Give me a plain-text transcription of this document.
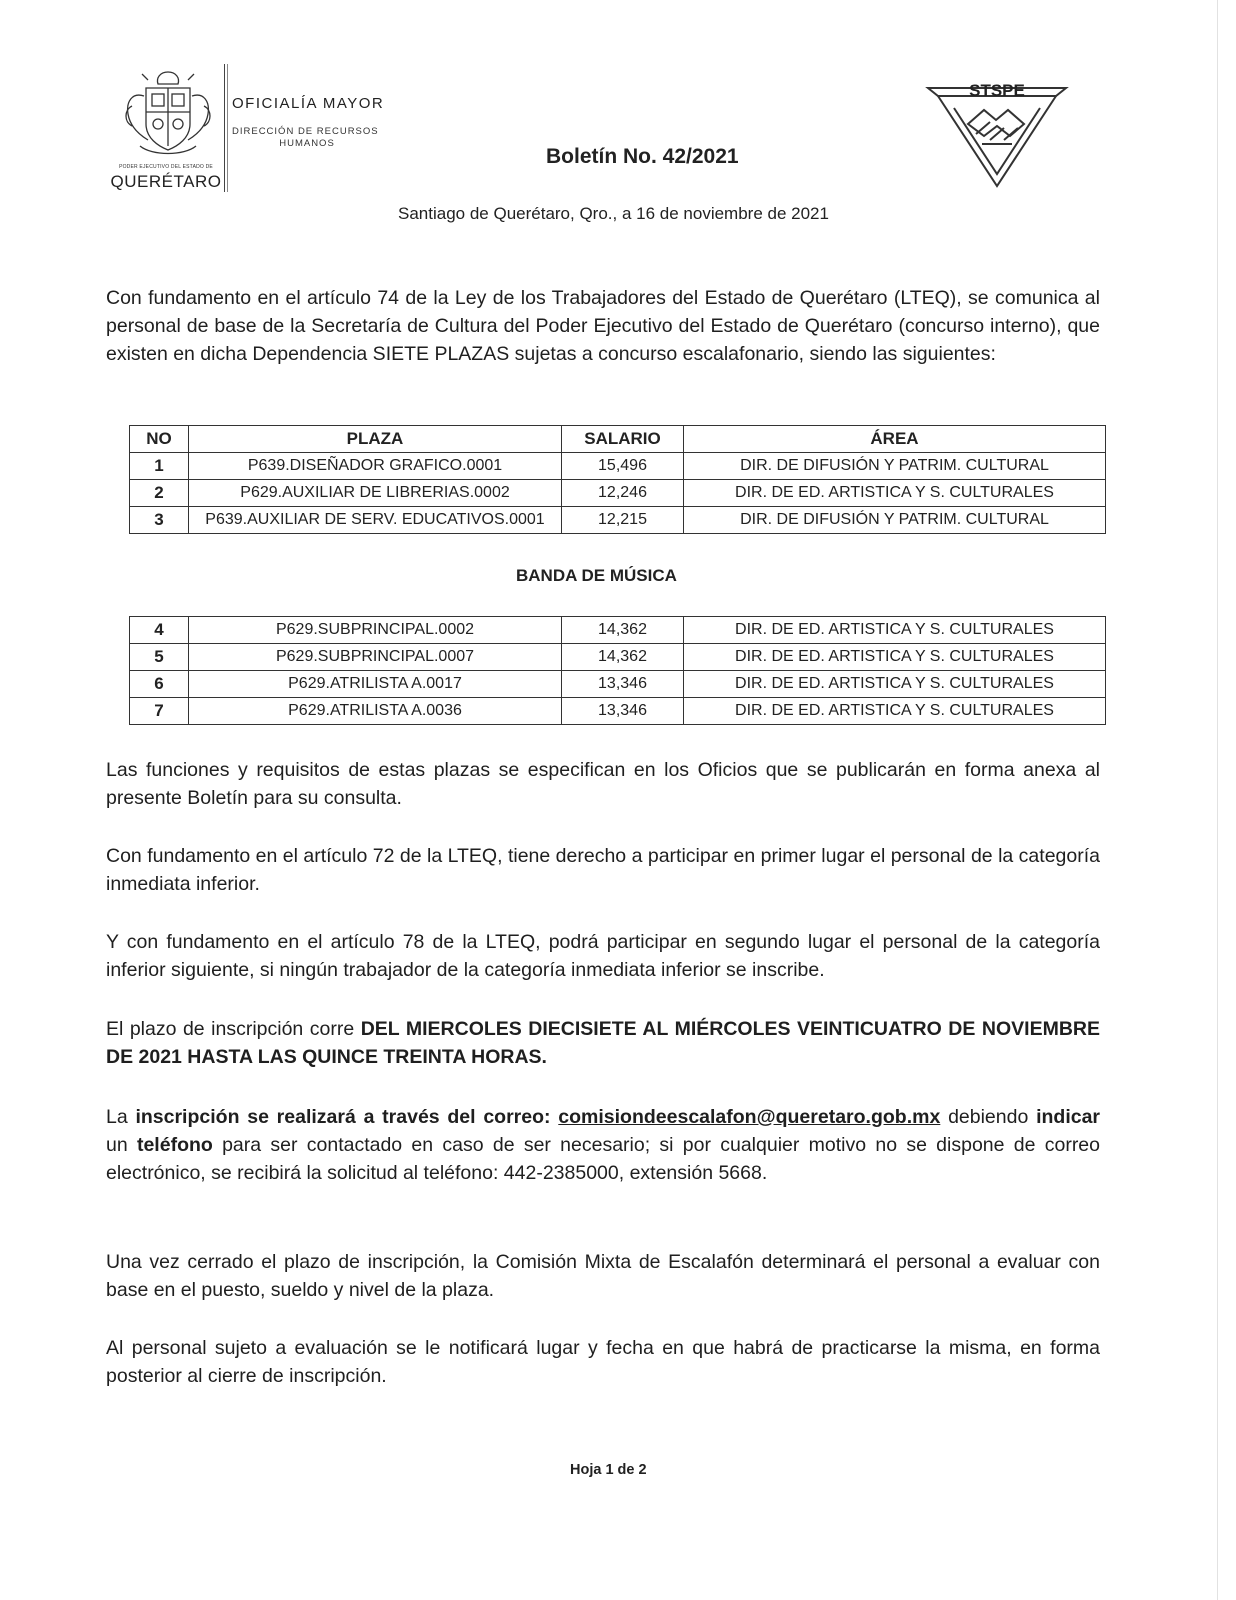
PODER EJECUTIVO DEL ESTADO DE
QUERÉTARO
OFICIALÍA MAYOR
DIRECCIÓN DE RECURSOS
HUMANOS
Boletín No. 42/2021
STSPE
Santiago de Querétaro, Qro., a 16 de noviembre de 2021
Con fundamento en el artículo 74 de la Ley de los Trabajadores del Estado de Querétaro (LTEQ), se comunica al personal de base de la Secretaría de Cultura del Poder Ejecutivo del Estado de Querétaro (concurso interno), que existen en dicha Dependencia SIETE PLAZAS sujetas a concurso escalafonario, siendo las siguientes:
NO	PLAZA	SALARIO	ÁREA
1	P639.DISEÑADOR GRAFICO.0001	15,496	DIR. DE DIFUSIÓN Y PATRIM. CULTURAL
2	P629.AUXILIAR DE LIBRERIAS.0002	12,246	DIR. DE ED. ARTISTICA Y S. CULTURALES
3	P639.AUXILIAR DE SERV. EDUCATIVOS.0001	12,215	DIR. DE DIFUSIÓN Y PATRIM. CULTURAL
BANDA DE MÚSICA
4	P629.SUBPRINCIPAL.0002	14,362	DIR. DE ED. ARTISTICA Y S. CULTURALES
5	P629.SUBPRINCIPAL.0007	14,362	DIR. DE ED. ARTISTICA Y S. CULTURALES
6	P629.ATRILISTA A.0017	13,346	DIR. DE ED. ARTISTICA Y S. CULTURALES
7	P629.ATRILISTA A.0036	13,346	DIR. DE ED. ARTISTICA Y S. CULTURALES
Las funciones y requisitos de estas plazas se especifican en los Oficios que se publicarán en forma anexa al presente Boletín para su consulta.
Con fundamento en el artículo 72 de la LTEQ, tiene derecho a participar en primer lugar el personal de la categoría inmediata inferior.
Y con fundamento en el artículo 78 de la LTEQ, podrá participar en segundo lugar el personal de la categoría inferior siguiente, si ningún trabajador de la categoría inmediata inferior se inscribe.
El plazo de inscripción corre DEL MIERCOLES DIECISIETE AL MIÉRCOLES VEINTICUATRO DE NOVIEMBRE DE 2021 HASTA LAS QUINCE TREINTA HORAS.
La inscripción se realizará a través del correo: comisiondeescalafon@queretaro.gob.mx debiendo indicar un teléfono para ser contactado en caso de ser necesario; si por cualquier motivo no se dispone de correo electrónico, se recibirá la solicitud al teléfono: 442-2385000, extensión 5668.
Una vez cerrado el plazo de inscripción, la Comisión Mixta de Escalafón determinará el personal a evaluar con base en el puesto, sueldo y nivel de la plaza.
Al personal sujeto a evaluación se le notificará lugar y fecha en que habrá de practicarse la misma, en forma posterior al cierre de inscripción.
Hoja 1 de 2
